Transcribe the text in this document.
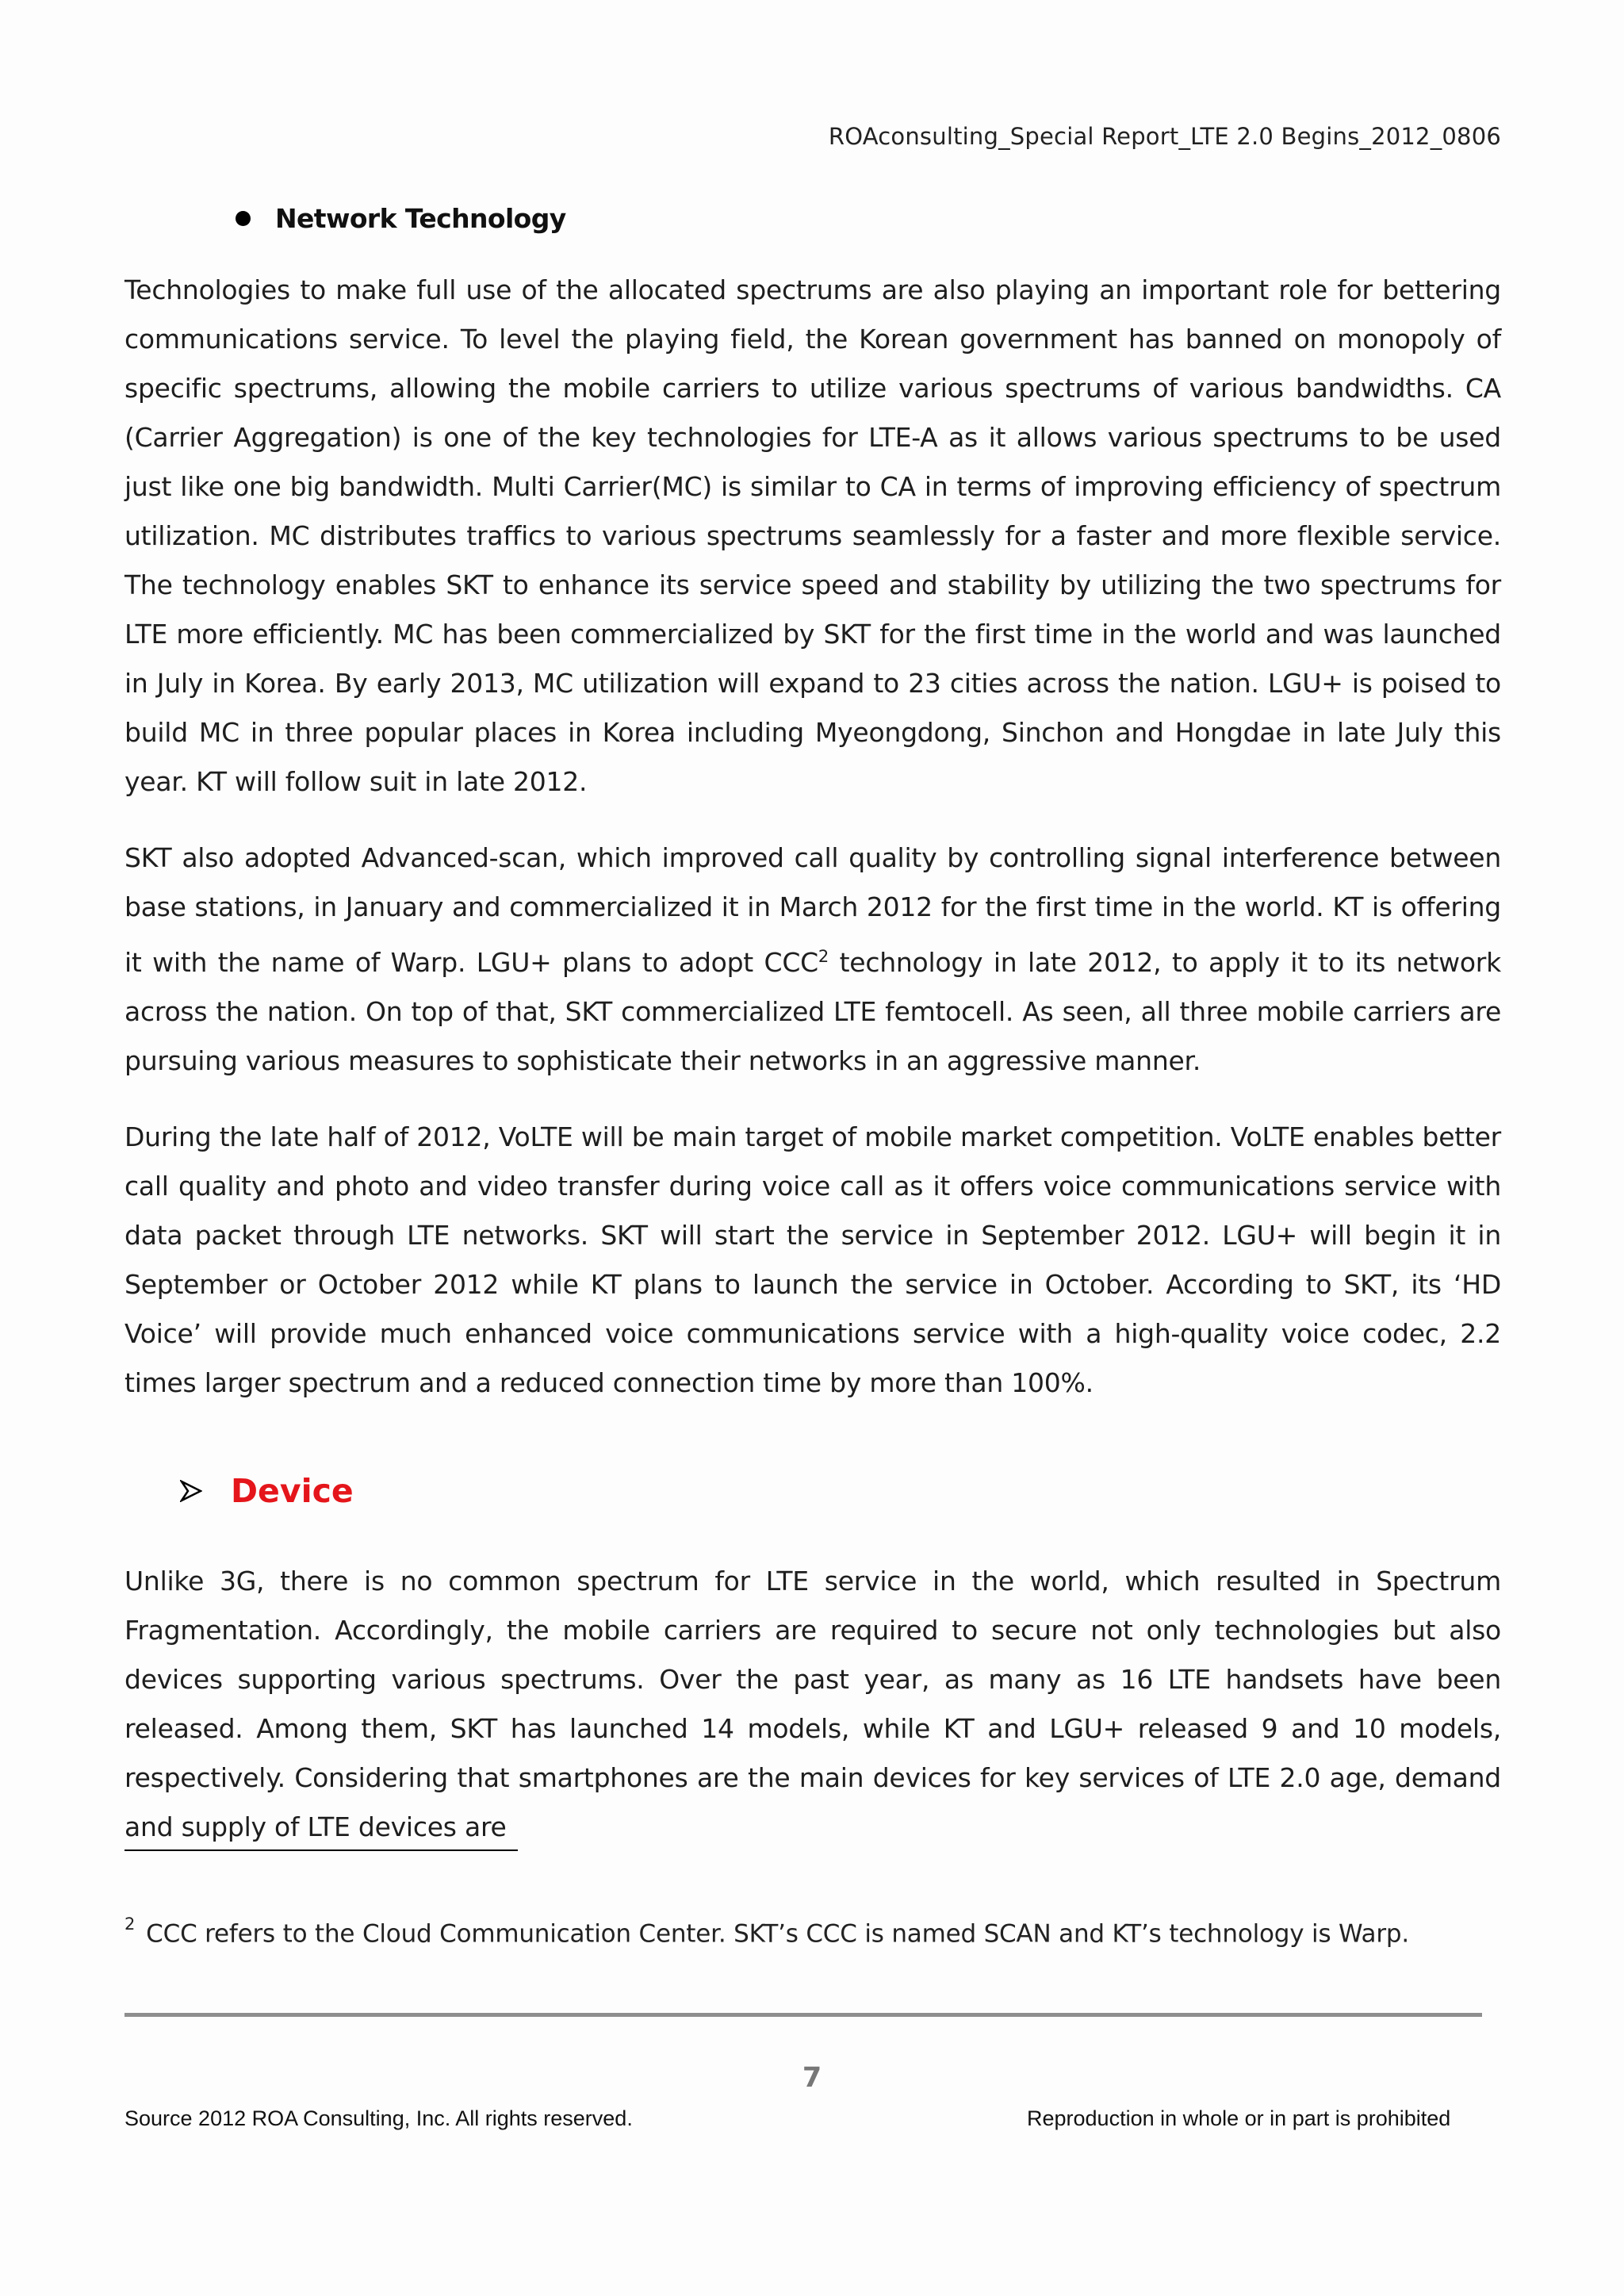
ROAconsulting_Special Report_LTE 2.0 Begins_2012_0806
Network Technology

Technologies to make full use of the allocated spectrums are also playing an important role for bettering communications service. To level the playing field, the Korean government has banned on monopoly of specific spectrums, allowing the mobile carriers to utilize various spectrums of various bandwidths. CA (Carrier Aggregation) is one of the key technologies for LTE-A as it allows various spectrums to be used just like one big bandwidth. Multi Carrier(MC) is similar to CA in terms of improving efficiency of spectrum utilization. MC distributes traffics to various spectrums seamlessly for a faster and more flexible service. The technology enables SKT to enhance its service speed and stability by utilizing the two spectrums for LTE more efficiently. MC has been commercialized by SKT for the first time in the world and was launched in July in Korea. By early 2013, MC utilization will expand to 23 cities across the nation. LGU+ is poised to build MC in three popular places in Korea including Myeongdong, Sinchon and Hongdae in late July this year. KT will follow suit in late 2012.

SKT also adopted Advanced-scan, which improved call quality by controlling signal interference between base stations, in January and commercialized it in March 2012 for the first time in the world. KT is offering it with the name of Warp. LGU+ plans to adopt CCC$^2$ technology in late 2012, to apply it to its network across the nation. On top of that, SKT commercialized LTE femtocell. As seen, all three mobile carriers are pursuing various measures to sophisticate their networks in an aggressive manner.

During the late half of 2012, VoLTE will be main target of mobile market competition. VoLTE enables better call quality and photo and video transfer during voice call as it offers voice communications service with data packet through LTE networks. SKT will start the service in September 2012. LGU+ will begin it in September or October 2012 while KT plans to launch the service in October. According to SKT, its ‘HD Voice’ will provide much enhanced voice communications service with a high-quality voice codec, 2.2 times larger spectrum and a reduced connection time by more than 100%.

Device

Unlike 3G, there is no common spectrum for LTE service in the world, which resulted in Spectrum Fragmentation. Accordingly, the mobile carriers are required to secure not only technologies but also devices supporting various spectrums. Over the past year, as many as 16 LTE handsets have been released. Among them, SKT has launched 14 models, while KT and LGU+ released 9 and 10 models, respectively. Considering that smartphones are the main devices for key services of LTE 2.0 age, demand and supply of LTE devices are

$^2$ CCC refers to the Cloud Communication Center. SKT’s CCC is named SCAN and KT’s technology is Warp.
7
Source 2012 ROA Consulting, Inc. All rights reserved.	Reproduction in whole or in part is prohibited
